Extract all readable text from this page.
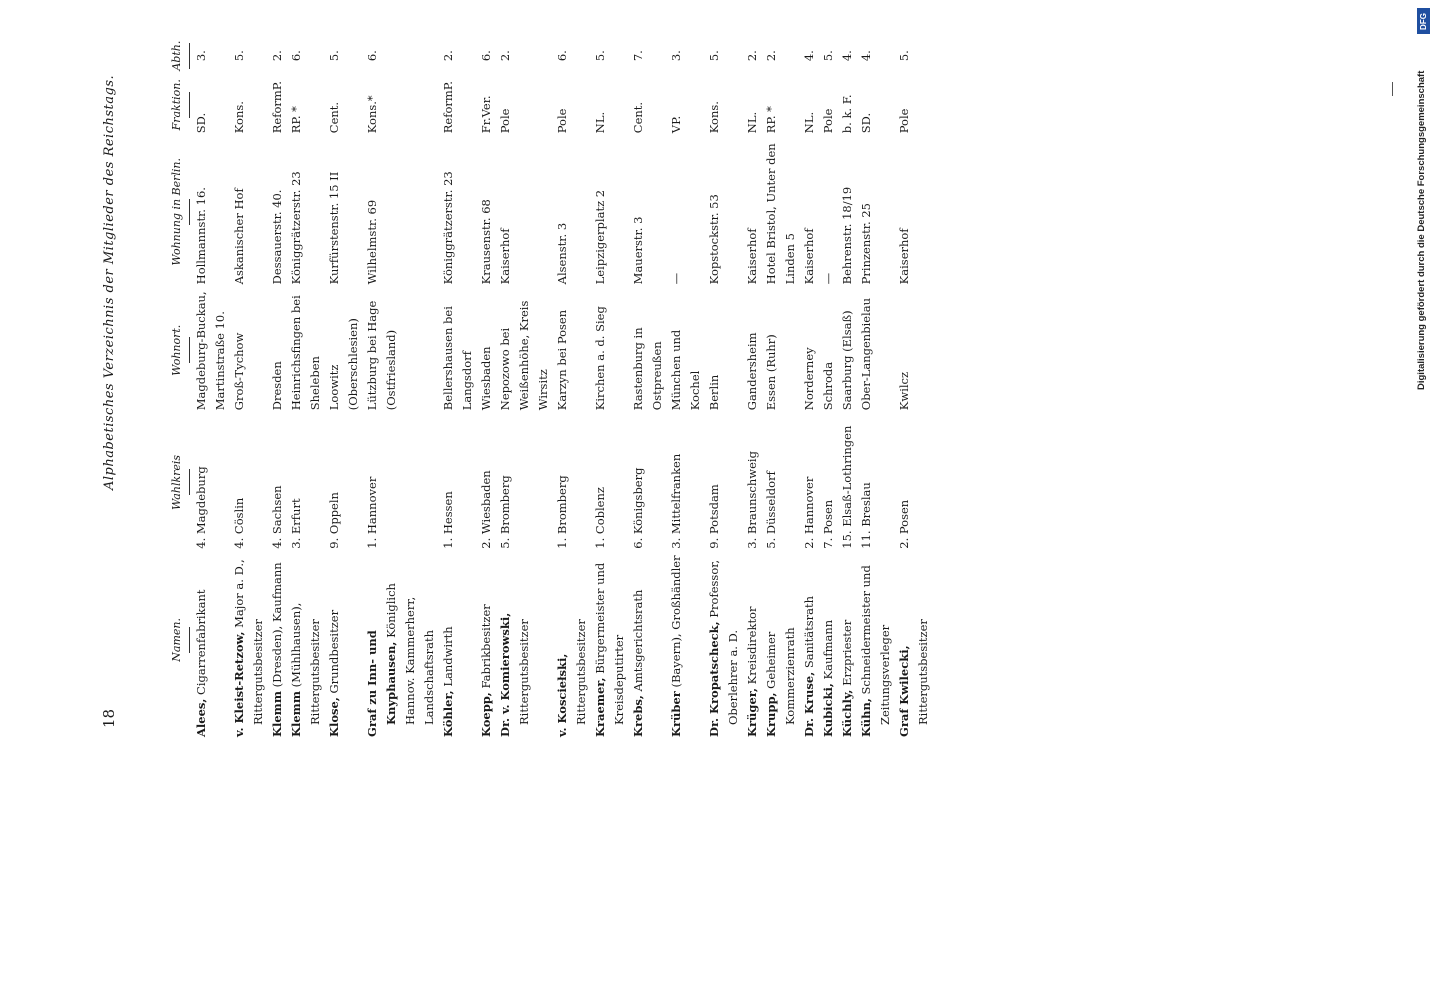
18
Alphabetisches Verzeichnis der Mitglieder des Reichstags.
Namen.	Wahlkreis	Wohnort.	Wohnung in Berlin.	Fraktion.	Abth.

Alees, Cigarrenfabrikant	4. Magdeburg	Magdeburg-Buckau, Martinstraße 10.	Hollmannstr. 16.	SD.	3.
v. Kleist-Retzow, Major a. D., Rittergutsbesitzer	4. Cöslin	Groß-Tychow	Askanischer Hof	Kons.	5.
Klemm (Dresden), Kaufmann	4. Sachsen	Dresden	Dessauerstr. 40.	ReformP.	2.
Klemm (Mühlhausen), Rittergutsbesitzer	3. Erfurt	Heinrichsfingen bei Sheleben	Königgrätzerstr. 23	RP. *	6.
Klose, Grundbesitzer	9. Oppeln	Loowitz (Oberschlesien)	Kurfürstenstr. 15 II	Cent.	5.
Graf zu Inn- und Knyphausen, Königlich Hannov. Kammerherr, Landschaftsrath	1. Hannover	Lützburg bei Hage (Ostfriesland)	Wilhelmstr. 69	Kons.*	6.
Köhler, Landwirth	1. Hessen	Bellershausen bei Langsdorf	Königgrätzerstr. 23	ReformP.	2.
Koepp, Fabrikbesitzer	2. Wiesbaden	Wiesbaden	Krausenstr. 68	Fr.Ver.	6.
Dr. v. Komierowski, Rittergutsbesitzer	5. Bromberg	Nepozowo bei Weißenhöhe, Kreis Wirsitz	Kaiserhof	Pole	2.
v. Kosciełski, Rittergutsbesitzer	1. Bromberg	Karzyn bei Posen	Alsenstr. 3	Pole	6.
Kraemer, Bürgermeister und Kreisdeputirter	1. Coblenz	Kirchen a. d. Sieg	Leipzigerplatz 2	NL.	5.
Krebs, Amtsgerichtsrath	6. Königsberg	Rastenburg in Ostpreußen	Mauerstr. 3	Cent.	7.
Krüber (Bayern), Großhändler	3. Mittelfranken	München und Kochel	—	VP.	3.
Dr. Kropatscheck, Professor, Oberlehrer a. D.	9. Potsdam	Berlin	Kopstockstr. 53	Kons.	5.
Krüger, Kreisdirektor	3. Braunschweig	Gandersheim	Kaiserhof	NL.	2.
Krupp, Geheimer Kommerzienrath	5. Düsseldorf	Essen (Ruhr)	Hotel Bristol, Unter den Linden 5	RP. *	2.
Dr. Kruse, Sanitätsrath	2. Hannover	Norderney	Kaiserhof	NL.	4.
Kubicki, Kaufmann	7. Posen	Schroda	—	Pole	5.
Küchly, Erzpriester	15. Elsaß-Lothringen	Saarburg (Elsaß)	Behrenstr. 18/19	b. k. F.	4.
Kühn, Schneidermeister und Zeitungsverleger	11. Breslau	Ober-Langenbielau	Prinzenstr. 25	SD.	4.
Graf Kwilecki, Rittergutsbesitzer	2. Posen	Kwilcz	Kaiserhof	Pole	5.
DFG
Digitalisierung gefördert durch die Deutsche Forschungsgemeinschaft
